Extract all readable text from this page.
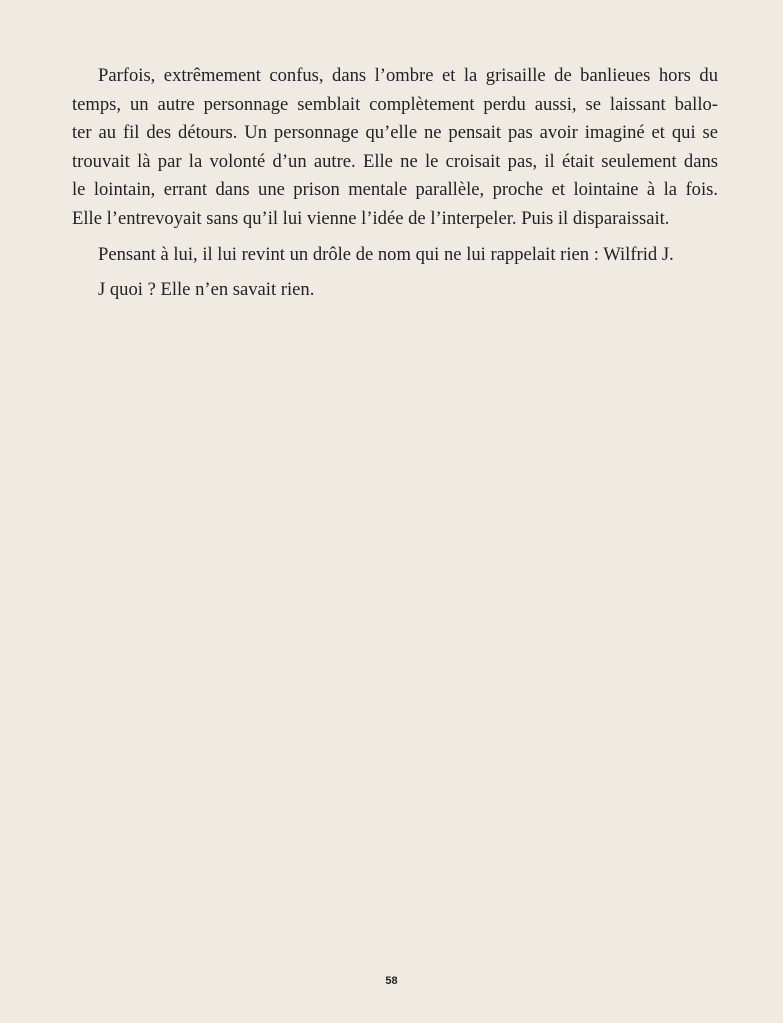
Parfois, extrêmement confus, dans l’ombre et la grisaille de banlieues hors du
temps, un autre personnage semblait complètement perdu aussi, se laissant ballo-
ter au fil des détours. Un personnage qu’elle ne pensait pas avoir imaginé et qui se
trouvait là par la volonté d’un autre. Elle ne le croisait pas, il était seulement dans
le lointain, errant dans une prison mentale parallèle, proche et lointaine à la fois.
Elle l’entrevoyait sans qu’il lui vienne l’idée de l’interpeler. Puis il disparaissait.

Pensant à lui, il lui revint un drôle de nom qui ne lui rappelait rien : Wilfrid J.

J quoi ? Elle n’en savait rien.

58
